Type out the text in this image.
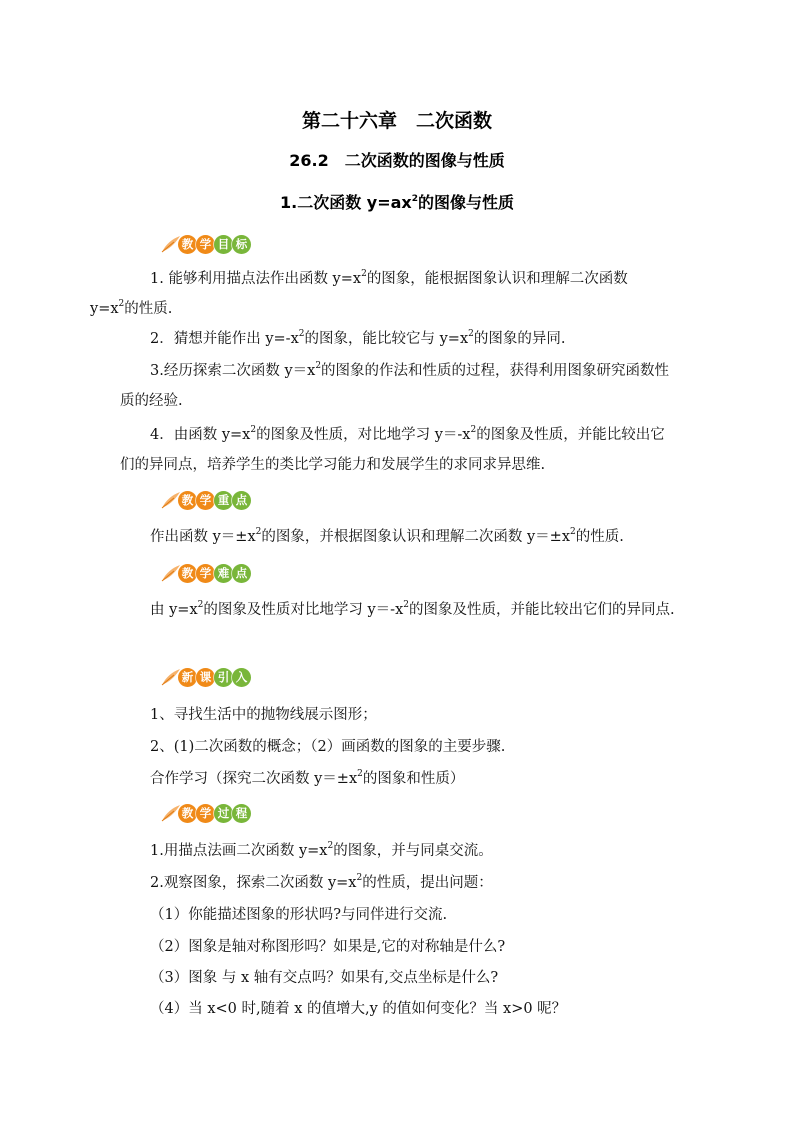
第二十六章　二次函数
26.2　二次函数的图像与性质
1.二次函数 $y=ax^2$的图像与性质
教 学 目 标
1. 能够利用描点法作出函数 $y=x^2$的图象，能根据图象认识和理解二次函数
$y=x^2$的性质.
2．猜想并能作出 $y=-x^2$的图象，能比较它与 $y=x^2$的图象的异同.
3.经历探索二次函数 $y=x^2$的图象的作法和性质的过程，获得利用图象研究函数性质的经验.
4．由函数 $y=x^2$的图象及性质，对比地学习 $y=-x^2$的图象及性质，并能比较出它们的异同点，培养学生的类比学习能力和发展学生的求同求异思维.
教 学 重 点
作出函数 $y=\pm x^2$的图象，并根据图象认识和理解二次函数 $y=\pm x^2$的性质.
教 学 难 点
由 $y=x^2$的图象及性质对比地学习 $y=-x^2$的图象及性质，并能比较出它们的异同点.
新 课 引 入
1、寻找生活中的抛物线展示图形；
2、(1)二次函数的概念；（2）画函数的图象的主要步骤.
合作学习（探究二次函数 $y=\pm x^2$的图象和性质）
教 学 过 程
1.用描点法画二次函数 $y=x^2$的图象，并与同桌交流。
2.观察图象，探索二次函数 $y=x^2$的性质，提出问题：
（1）你能描述图象的形状吗?与同伴进行交流.
（2）图象是轴对称图形吗？如果是,它的对称轴是什么?
（3）图象 与 x 轴有交点吗？如果有,交点坐标是什么?
（4）当 x<0 时,随着 x 的值增大,y 的值如何变化？当 x>0 呢？
